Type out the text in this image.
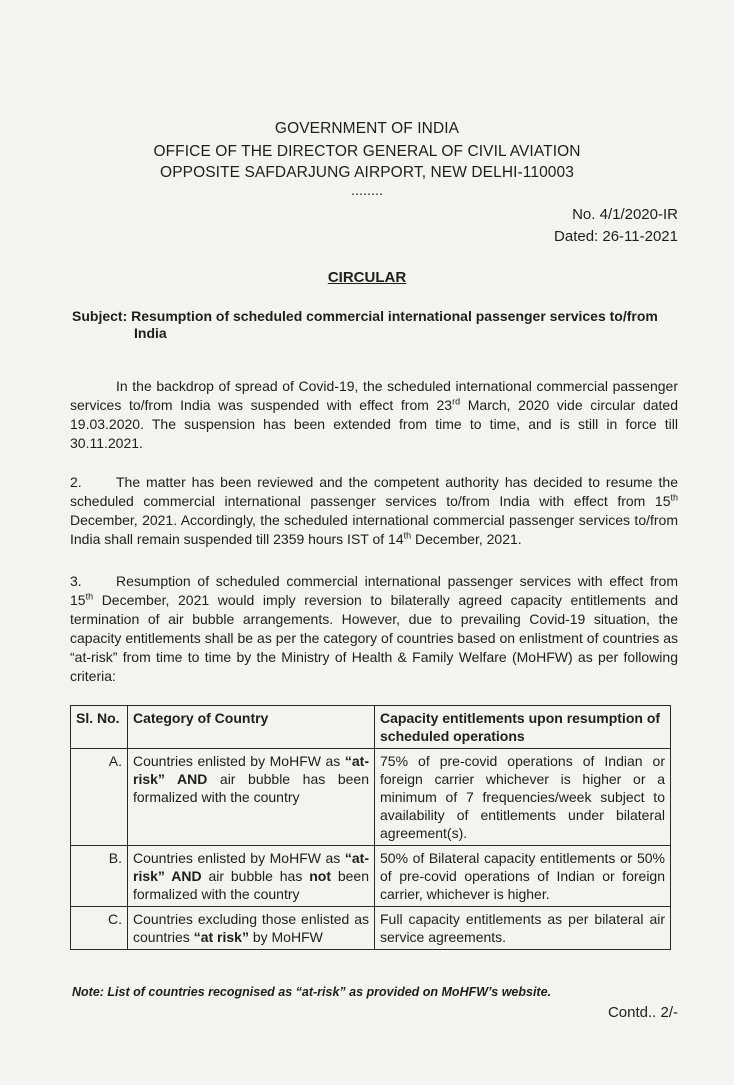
GOVERNMENT OF INDIA
OFFICE OF THE DIRECTOR GENERAL OF CIVIL AVIATION
OPPOSITE SAFDARJUNG AIRPORT, NEW DELHI-110003
........
No. 4/1/2020-IR
Dated: 26-11-2021
CIRCULAR
Subject: Resumption of scheduled commercial international passenger services to/from
India
In the backdrop of spread of Covid-19, the scheduled international commercial passenger services to/from India was suspended with effect from 23rd March, 2020 vide circular dated 19.03.2020. The suspension has been extended from time to time, and is still in force till 30.11.2021.
2. The matter has been reviewed and the competent authority has decided to resume the scheduled commercial international passenger services to/from India with effect from 15th December, 2021. Accordingly, the scheduled international commercial passenger services to/from India shall remain suspended till 2359 hours IST of 14th December, 2021.
3. Resumption of scheduled commercial international passenger services with effect from 15th December, 2021 would imply reversion to bilaterally agreed capacity entitlements and termination of air bubble arrangements. However, due to prevailing Covid-19 situation, the capacity entitlements shall be as per the category of countries based on enlistment of countries as “at-risk” from time to time by the Ministry of Health & Family Welfare (MoHFW) as per following criteria:
Sl. No.	Category of Country	Capacity entitlements upon resumption of scheduled operations
A.	Countries enlisted by MoHFW as “at-risk” AND air bubble has been formalized with the country	75% of pre-covid operations of Indian or foreign carrier whichever is higher or a minimum of 7 frequencies/week subject to availability of entitlements under bilateral agreement(s).
B.	Countries enlisted by MoHFW as “at-risk” AND air bubble has not been formalized with the country	50% of Bilateral capacity entitlements or 50% of pre-covid operations of Indian or foreign carrier, whichever is higher.
C.	Countries excluding those enlisted as countries “at risk” by MoHFW	Full capacity entitlements as per bilateral air service agreements.
Note: List of countries recognised as “at-risk” as provided on MoHFW’s website.
Contd.. 2/-
